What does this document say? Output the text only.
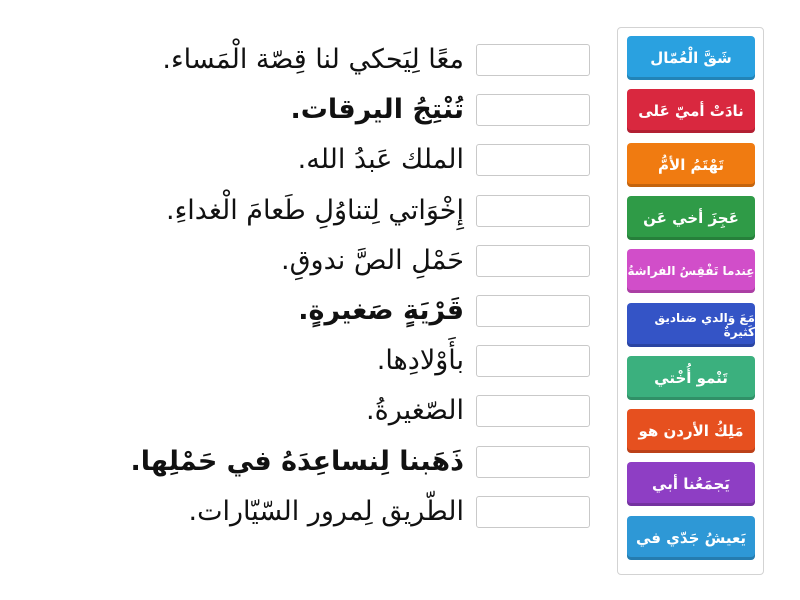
معًا لِيَحكي لنا قِصّة الْمَساء.
تُنْتِجُ اليرقات.
الملك عَبدُ الله.
إِخْوَاتي لِتناوُلِ طَعامَ الْغداءِ.
حَمْلِ الصَّ ندوقِ.
قَرْيَةٍ صَغيرةٍ.
بأَوْلادِها.
الصّغيرةُ.
ذَهَبنا لِنساعِدَهُ في حَمْلِها.
الطّريق لِمرور السّيّارات.
شَقَّ الْعُمّال
نادَتْ أميّ عَلى
تَهْتَمُ الأمُّ
عَجِزَ أخي عَن
عِندما تَفْقِسُ الفراشةُ
مَعَ وَالدي صَناديق كَثيرةٌ
تَنْمو أُخْتي
مَلِكُ الأردن هو
يَجمَعُنا أبي
يَعيشُ جَدّي في
